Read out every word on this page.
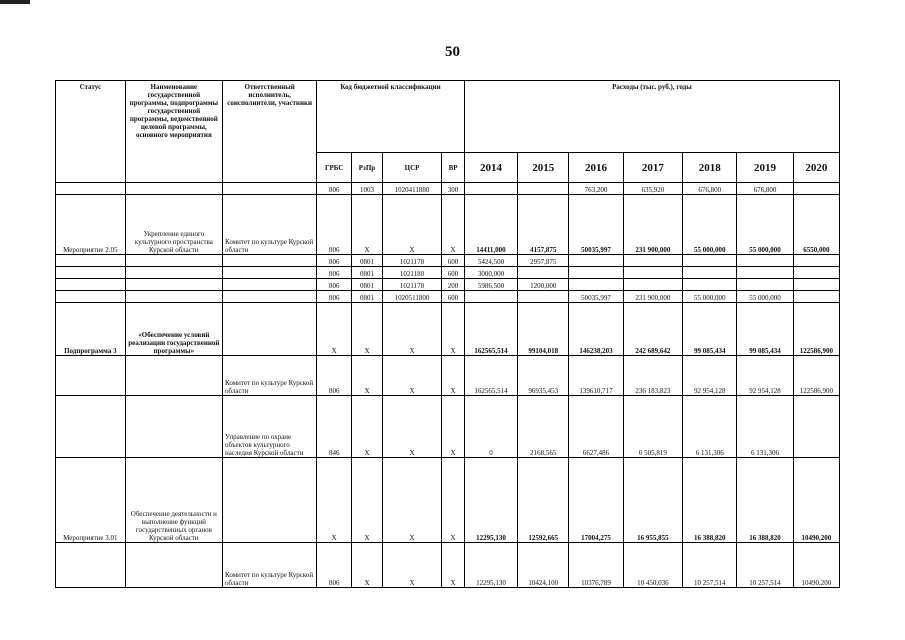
50
Статус	Наименование государственной программы, подпрограммы государственной программы, ведомственной целевой программы, основного мероприятия	Ответственный исполнитель, соисполнители, участники	Код бюджетной классификации				Расходы (тыс. руб.), годы						
			ГРБС	РзПр	ЦСР	ВР	2014	2015	2016	2017	2018	2019	2020
			806	1003	1020411880	300			763,200	635,920	676,800	676,800	
Мероприятие 2.05	Укрепление единого культурного пространства Курской области	Комитет по культуре Курской области	806	X	X	X	14411,000	4157,875	50035,997	231 900,000	55 000,000	55 000,000	6550,000
			806	0801	1021178	600	5424,500	2957,875					
			806	0801	1021180	600	3000,000						
			806	0801	1021178	200	5986,500	1200,000					
			806	0801	1020511800	600			50035,997	231 900,000	55 000,000	55 000,000	
Подпрограмма 3	«Обеспечение условий реализации государственной программы»		X	X	X	X	162565,514	99104,018	146238,203	242 689,642	99 085,434	99 085,434	122586,900
		Комитет по культуре Курской области	806	X	X	X	162565,514	96935,453	139610,717	236 183,823	92 954,128	92 954,128	122586,900
		Управление по охране объектов культурного наследия Курской области	846	X	X	X	0	2168,565	6627,486	6 505,819	6 131,306	6 131,306	
Мероприятие 3.01	Обеспечение деятельности и выполнение функций государственных органов Курской области		X	X	X	X	12295,130	12592,665	17004,275	16 955,855	16 388,820	16 388,820	10490,200
		Комитет по культуре Курской области	806	X	X	X	12295,130	10424,100	10376,789	10 450,036	10 257,514	10 257,514	10490,200
